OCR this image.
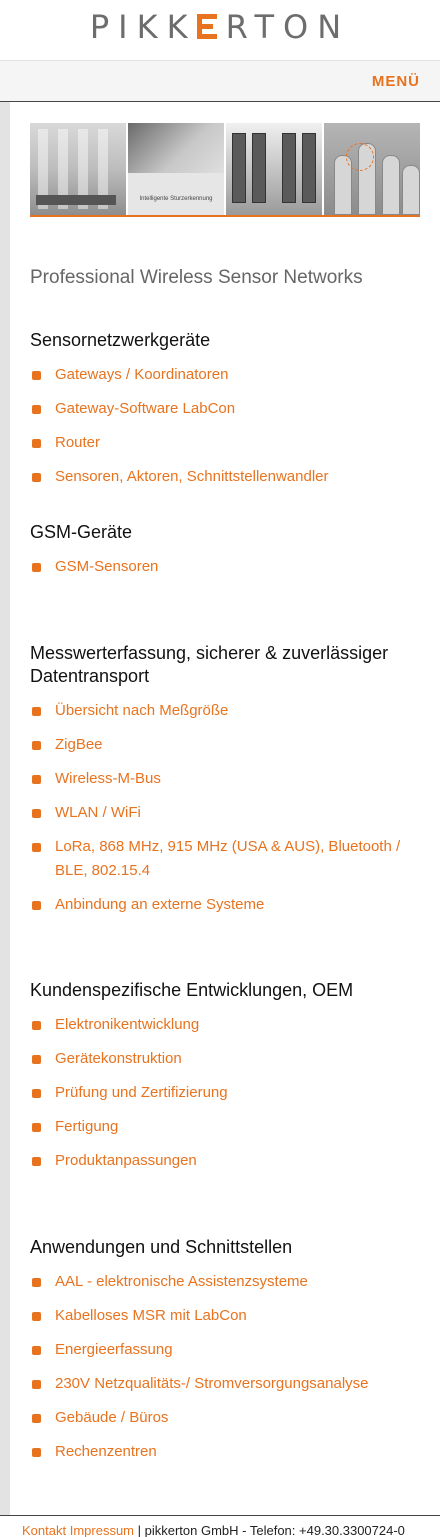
PIKK RTON
MENÜ
Intelligente Sturzerkennung
Professional Wireless Sensor Networks
Sensornetzwerkgeräte
Gateways / Koordinatoren
Gateway-Software LabCon
Router
Sensoren, Aktoren, Schnittstellenwandler
GSM-Geräte
GSM-Sensoren
Messwerterfassung, sicherer & zuverlässiger Datentransport
Übersicht nach Meßgröße
ZigBee
Wireless-M-Bus
WLAN / WiFi
LoRa, 868 MHz, 915 MHz (USA & AUS), Bluetooth / BLE, 802.15.4
Anbindung an externe Systeme
Kundenspezifische Entwicklungen, OEM
Elektronikentwicklung
Gerätekonstruktion
Prüfung und Zertifizierung
Fertigung
Produktanpassungen
Anwendungen und Schnittstellen
AAL - elektronische Assistenzsysteme
Kabelloses MSR mit LabCon
Energieerfassung
230V Netzqualitäts-/ Stromversorgungsanalyse
Gebäude / Büros
Rechenzentren
Kontakt Impressum | pikkerton GmbH - Telefon: +49.30.3300724-0
